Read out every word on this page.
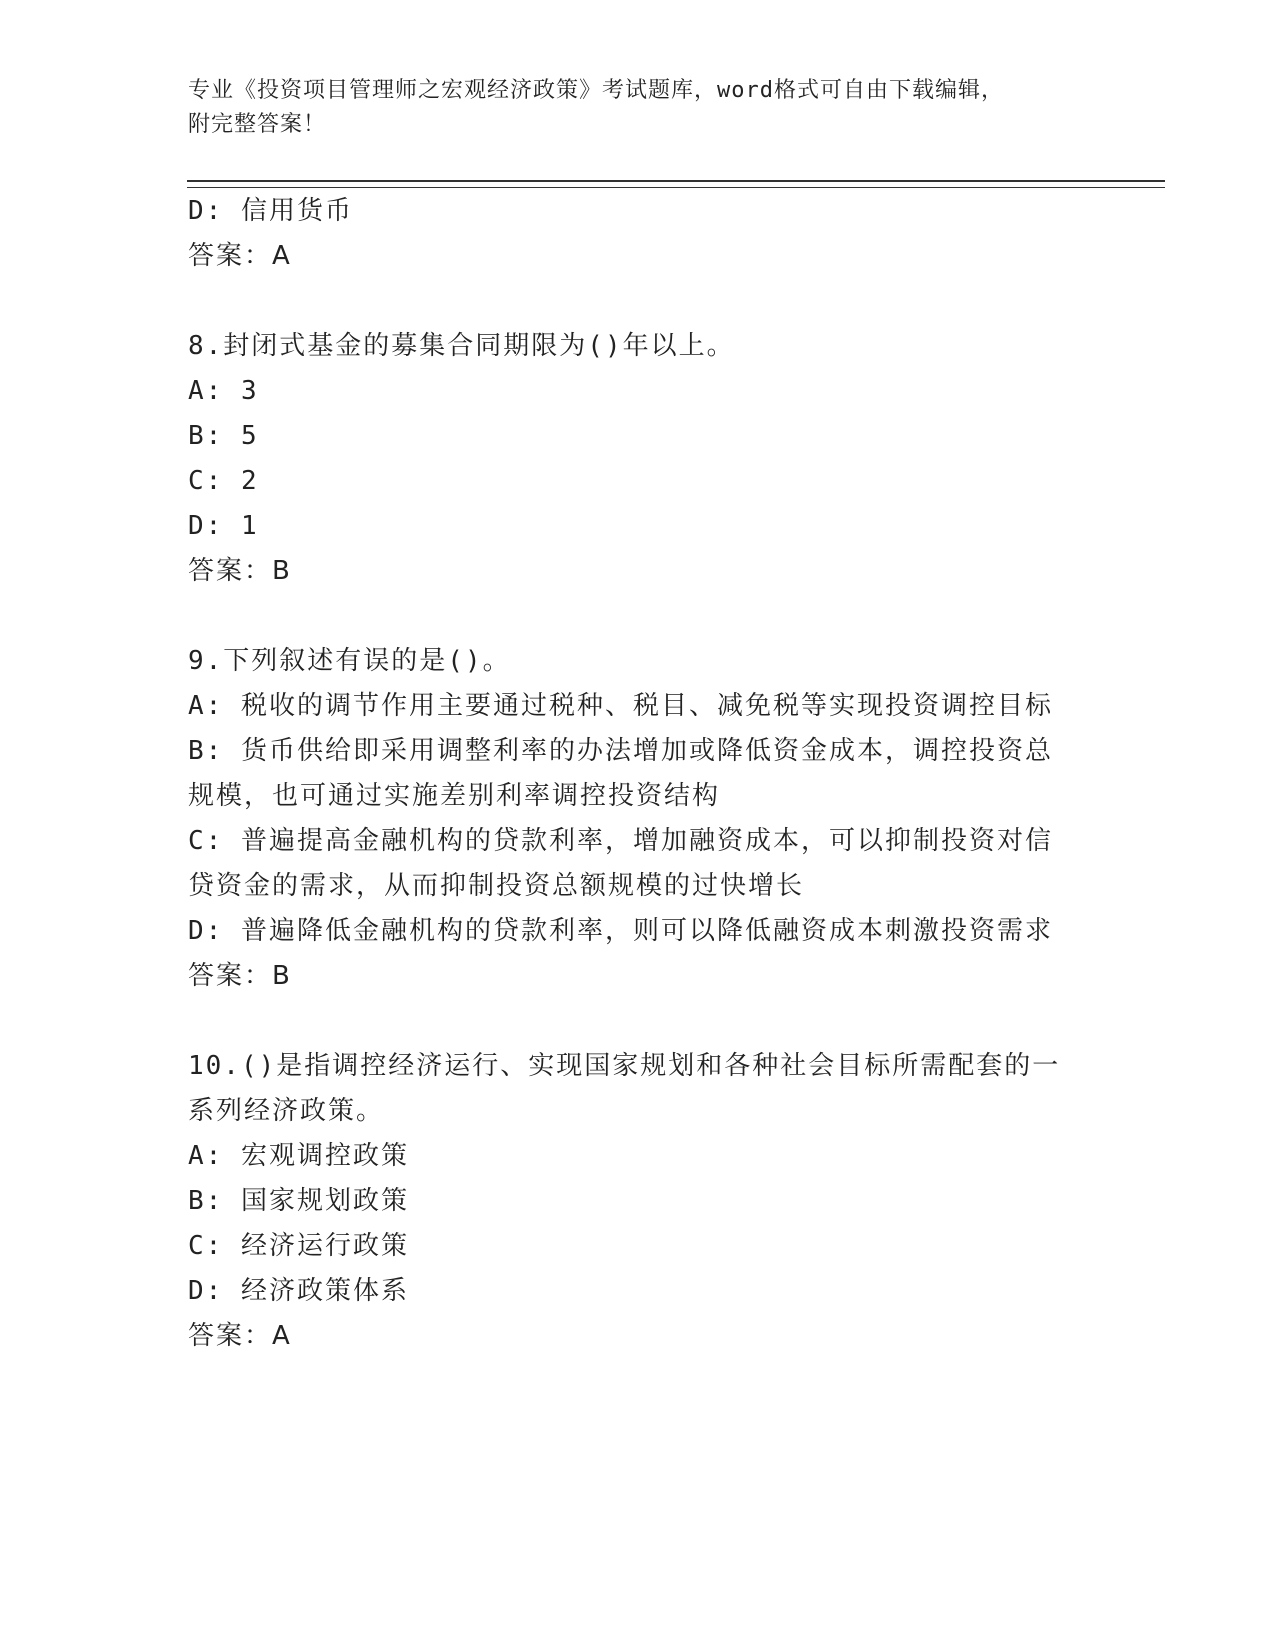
专业《投资项目管理师之宏观经济政策》考试题库，word格式可自由下载编辑，
附完整答案！
D: 信用货币
答案：A
8.封闭式基金的募集合同期限为()年以上。
A: 3
B: 5
C: 2
D: 1
答案：B
9.下列叙述有误的是()。
A: 税收的调节作用主要通过税种、税目、减免税等实现投资调控目标
B: 货币供给即采用调整利率的办法增加或降低资金成本，调控投资总
规模，也可通过实施差别利率调控投资结构
C: 普遍提高金融机构的贷款利率，增加融资成本，可以抑制投资对信
贷资金的需求，从而抑制投资总额规模的过快增长
D: 普遍降低金融机构的贷款利率，则可以降低融资成本刺激投资需求
答案：B
10.()是指调控经济运行、实现国家规划和各种社会目标所需配套的一
系列经济政策。
A: 宏观调控政策
B: 国家规划政策
C: 经济运行政策
D: 经济政策体系
答案：A
